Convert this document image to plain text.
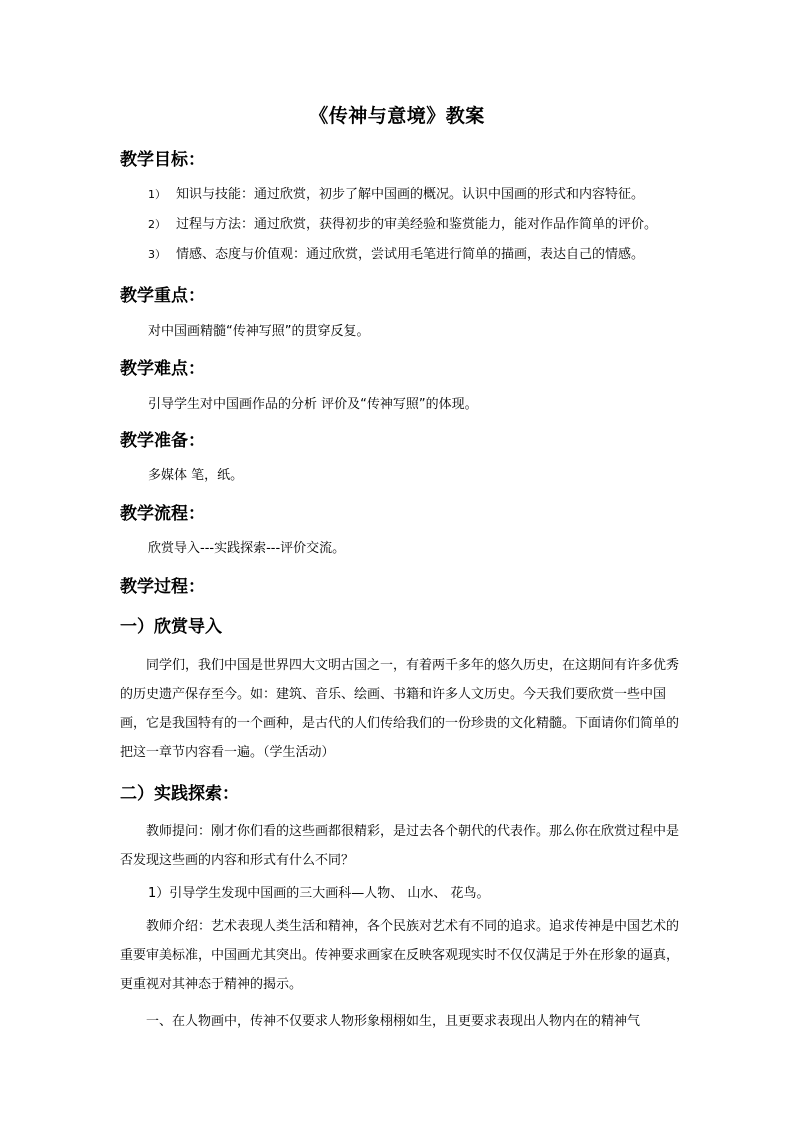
《传神与意境》教案
教学目标：
1） 知识与技能：通过欣赏，初步了解中国画的概况。认识中国画的形式和内容特征。
2） 过程与方法：通过欣赏，获得初步的审美经验和鉴赏能力，能对作品作简单的评价。
3） 情感、态度与价值观：通过欣赏，尝试用毛笔进行简单的描画，表达自己的情感。
教学重点：
对中国画精髓“传神写照”的贯穿反复。
教学难点：
引导学生对中国画作品的分析 评价及“传神写照”的体现。
教学准备：
多媒体 笔，纸。
教学流程：
欣赏导入---实践探索---评价交流。
教学过程：
一）欣赏导入
同学们，我们中国是世界四大文明古国之一，有着两千多年的悠久历史，在这期间有许多优秀的历史遗产保存至今。如：建筑、音乐、绘画、书籍和许多人文历史。今天我们要欣赏一些中国画，它是我国特有的一个画种，是古代的人们传给我们的一份珍贵的文化精髓。下面请你们简单的把这一章节内容看一遍。（学生活动）
二）实践探索：
教师提问：刚才你们看的这些画都很精彩，是过去各个朝代的代表作。那么你在欣赏过程中是否发现这些画的内容和形式有什么不同？
1）引导学生发现中国画的三大画科—人物、 山水、 花鸟。
教师介绍：艺术表现人类生活和精神，各个民族对艺术有不同的追求。追求传神是中国艺术的重要审美标准，中国画尤其突出。传神要求画家在反映客观现实时不仅仅满足于外在形象的逼真，更重视对其神态于精神的揭示。
一、在人物画中，传神不仅要求人物形象栩栩如生，且更要求表现出人物内在的精神气
